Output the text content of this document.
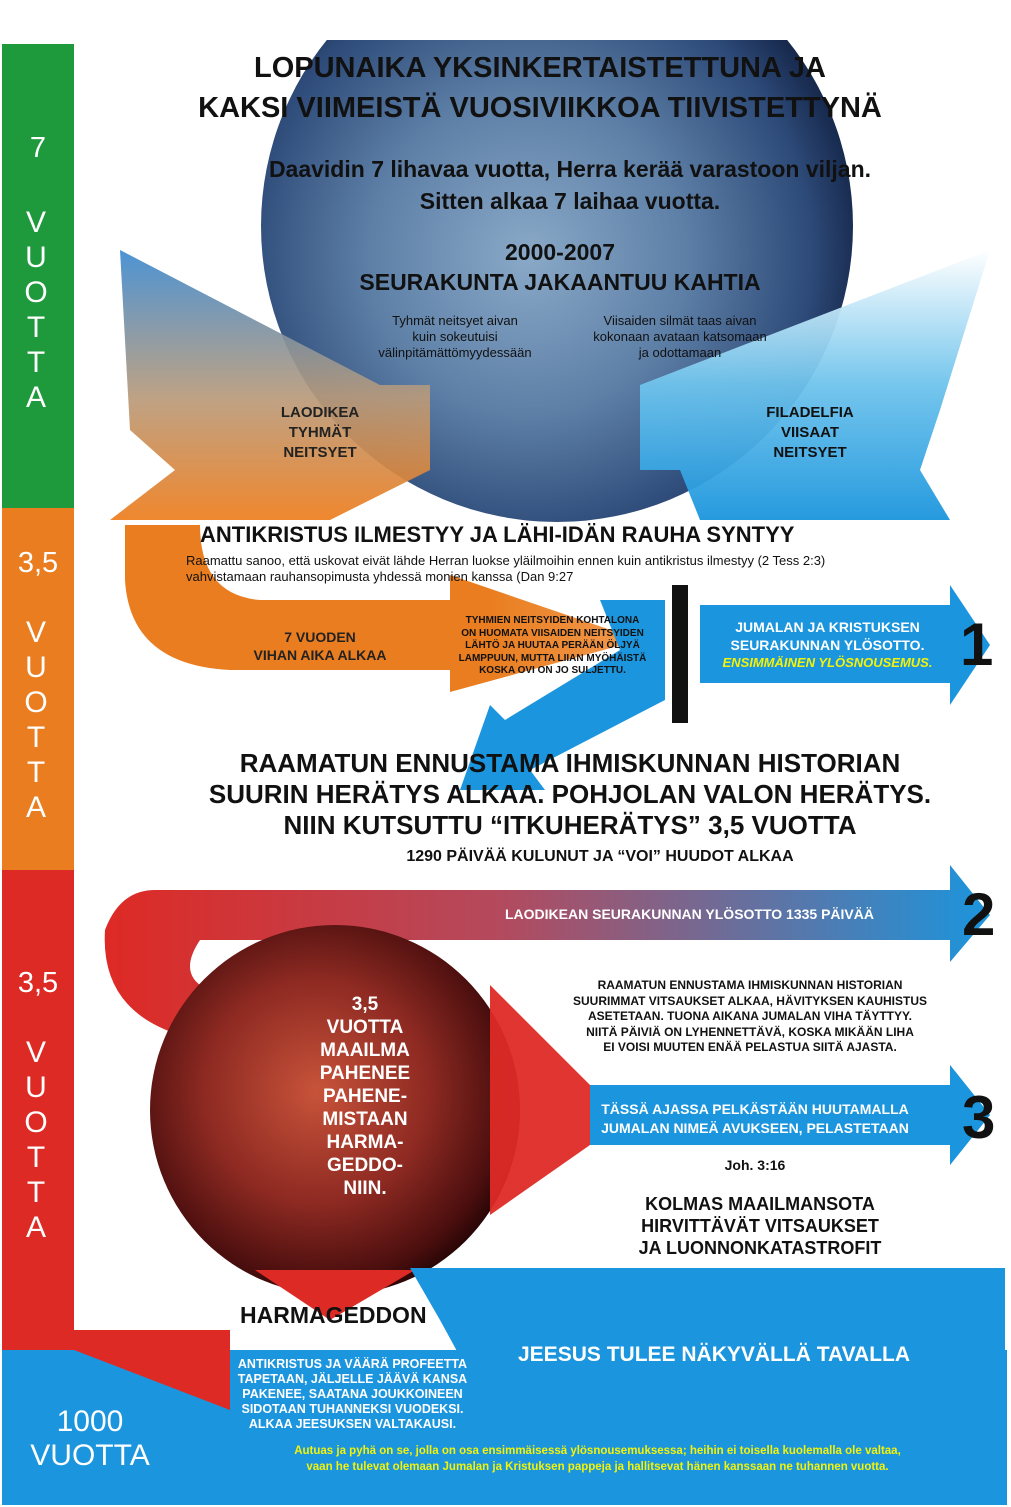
7
V
U
O
T
T
A
3,5
V
U
O
T
T
A
3,5
V
U
O
T
T
A
1000
VUOTTA
LOPUNAIKA YKSINKERTAISTETTUNA JA
KAKSI VIIMEISTÄ VUOSIVIIKKOA TIIVISTETTYNÄ
Daavidin 7 lihavaa vuotta, Herra kerää varastoon viljan.
Sitten alkaa 7 laihaa vuotta.
2000-2007
SEURAKUNTA JAKAANTUU KAHTIA
Tyhmät neitsyet aivan
kuin sokeutuisi
välinpitämättömyydessään
Viisaiden silmät taas aivan
kokonaan avataan katsomaan
ja odottamaan
LAODIKEA
TYHMÄT
NEITSYET
FILADELFIA
VIISAAT
NEITSYET
ANTIKRISTUS ILMESTYY JA LÄHI-IDÄN RAUHA SYNTYY
Raamattu sanoo, että uskovat eivät lähde Herran luokse yläilmoihin ennen kuin antikristus ilmestyy (2 Tess 2:3)
vahvistamaan rauhansopimusta yhdessä monien kanssa (Dan 9:27
7 VUODEN
VIHAN AIKA ALKAA
TYHMIEN NEITSYIDEN KOHTALONA
ON HUOMATA VIISAIDEN NEITSYIDEN
LÄHTÖ JA HUUTAA PERÄÄN ÖLJYÄ
LAMPPUUN, MUTTA LIIAN MYÖHÄISTÄ
KOSKA OVI ON JO SULJETTU.
JUMALAN JA KRISTUKSEN
SEURAKUNNAN YLÖSOTTO.
ENSIMMÄINEN YLÖSNOUSEMUS. 1
RAAMATUN ENNUSTAMA IHMISKUNNAN HISTORIAN
SUURIN HERÄTYS ALKAA. POHJOLAN VALON HERÄTYS.
NIIN KUTSUTTU “ITKUHERÄTYS” 3,5 VUOTTA
1290 PÄIVÄÄ KULUNUT JA “VOI” HUUDOT ALKAA
LAODIKEAN SEURAKUNNAN YLÖSOTTO 1335 PÄIVÄÄ	2
RAAMATUN ENNUSTAMA IHMISKUNNAN HISTORIAN
SUURIMMAT VITSAUKSET ALKAA, HÄVITYKSEN KAUHISTUS
ASETETAAN. TUONA AIKANA JUMALAN VIHA TÄYTTYY.
NIITÄ PÄIVIÄ ON LYHENNETTÄVÄ, KOSKA MIKÄÄN LIHA
EI VOISI MUUTEN ENÄÄ PELASTUA SIITÄ AJASTA.
3,5
VUOTTA
MAAILMA
PAHENEE
PAHENE-
MISTAAN
HARMA-
GEDDO-
NIIN.
TÄSSÄ AJASSA PELKÄSTÄÄN HUUTAMALLA
JUMALAN NIMEÄ AVUKSEEN, PELASTETAAN 3
Joh. 3:16
KOLMAS MAAILMANSOTA
HIRVITTÄVÄT VITSAUKSET
JA LUONNONKATASTROFIT
HARMAGEDDON
JEESUS TULEE NÄKYVÄLLÄ TAVALLA
ANTIKRISTUS JA VÄÄRÄ PROFEETTA
TAPETAAN, JÄLJELLE JÄÄVÄ KANSA
PAKENEE, SAATANA JOUKKOINEEN
SIDOTAAN TUHANNEKSI VUODEKSI.
ALKAA JEESUKSEN VALTAKAUSI.
Autuas ja pyhä on se, jolla on osa ensimmäisessä ylösnousemuksessa; heihin ei toisella kuolemalla ole valtaa,
vaan he tulevat olemaan Jumalan ja Kristuksen pappeja ja hallitsevat hänen kanssaan ne tuhannen vuotta.
